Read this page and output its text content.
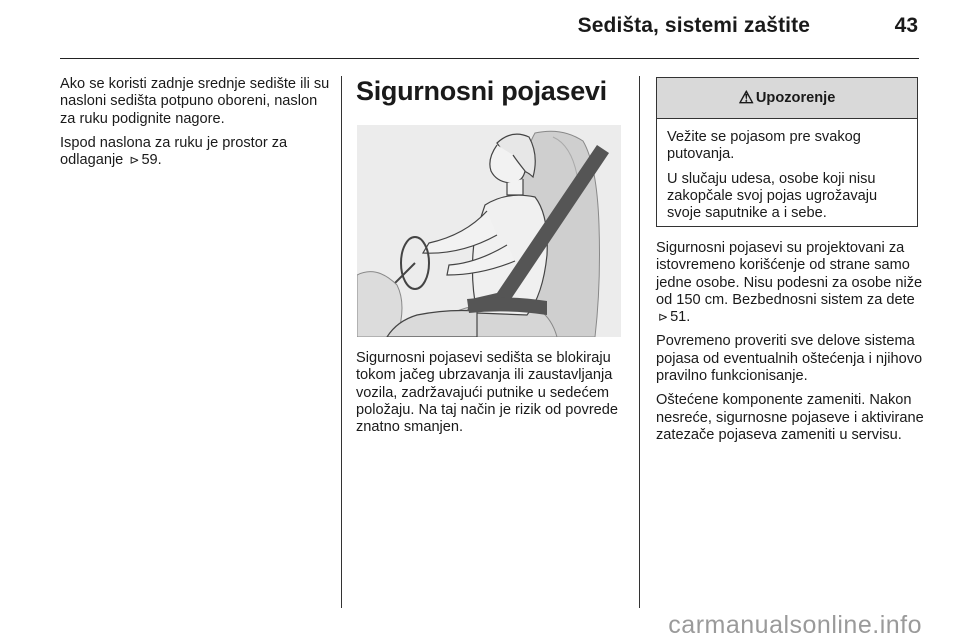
Sedišta, sistemi zaštite	43

Ako se koristi zadnje srednje sedište ili su nasloni sedišta potpuno oboreni, naslon za ruku podignite nagore.

Ispod naslona za ruku je prostor za odlaganje ⊳ 59.

Sigurnosni pojasevi

Sigurnosni pojasevi sedišta se blokiraju tokom jačeg ubrzavanja ili zaustavljanja vozila, zadržavajući putnike u sedećem položaju. Na taj način je rizik od povrede znatno smanjen.

⚠ Upozorenje

Vežite se pojasom pre svakog putovanja.

U slučaju udesa, osobe koji nisu zakopčale svoj pojas ugrožavaju svoje saputnike a i sebe.

Sigurnosni pojasevi su projektovani za istovremeno korišćenje od strane samo jedne osobe. Nisu podesni za osobe niže od 150 cm. Bezbednosni sistem za dete ⊳ 51.

Povremeno proveriti sve delove sistema pojasa od eventualnih oštećenja i njihovo pravilno funkcionisanje.

Oštećene komponente zameniti. Nakon nesreće, sigurnosne pojaseve i aktivirane zatezače pojaseva zameniti u servisu.

carmanualsonline.info
